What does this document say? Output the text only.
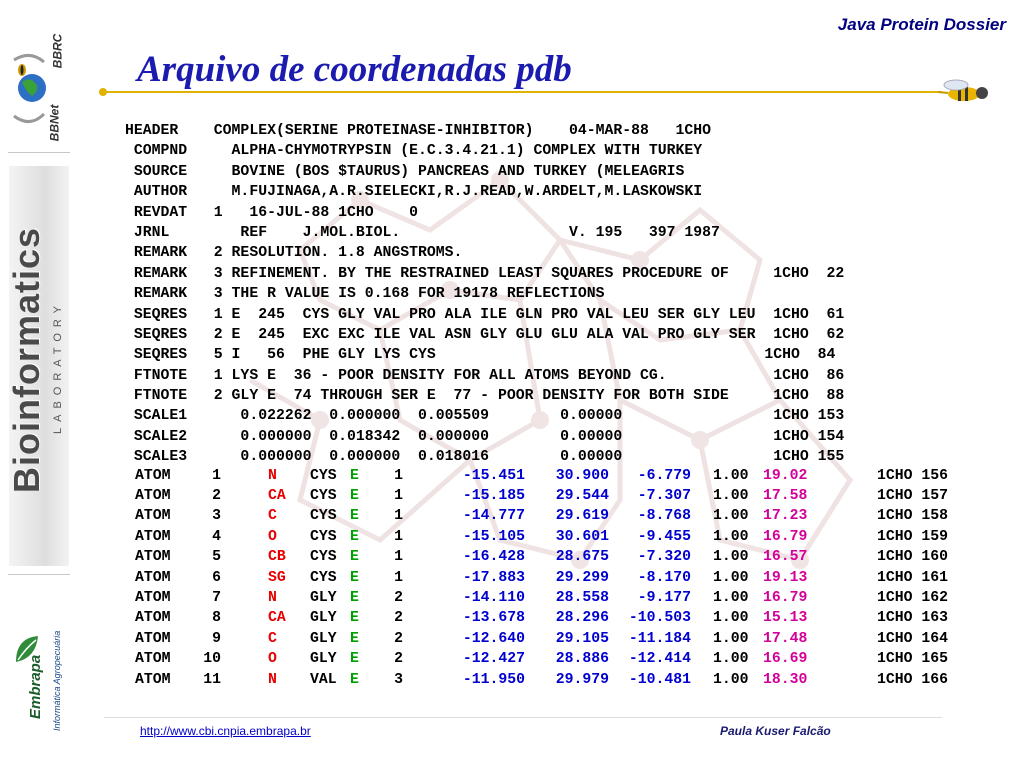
BBRC
BBNet
Bioinformatics LABORATORY
Embrapa Informática Agropecuária
Java Protein Dossier
Arquivo de coordenadas pdb
HEADER    COMPLEX(SERINE PROTEINASE-INHIBITOR)    04-MAR-88   1CHO
COMPND     ALPHA-CHYMOTRYPSIN (E.C.3.4.21.1) COMPLEX WITH TURKEY
SOURCE     BOVINE (BOS $TAURUS) PANCREAS AND TURKEY (MELEAGRIS
AUTHOR     M.FUJINAGA,A.R.SIELECKI,R.J.READ,W.ARDELT,M.LASKOWSKI
REVDAT   1   16-JUL-88 1CHO    0
JRNL        REF    J.MOL.BIOL.                   V. 195   397 1987
REMARK   2 RESOLUTION. 1.8 ANGSTROMS.
REMARK   3 REFINEMENT. BY THE RESTRAINED LEAST SQUARES PROCEDURE OF     1CHO  22
REMARK   3 THE R VALUE IS 0.168 FOR 19178 REFLECTIONS
SEQRES   1 E  245  CYS GLY VAL PRO ALA ILE GLN PRO VAL LEU SER GLY LEU  1CHO  61
SEQRES   2 E  245  EXC EXC ILE VAL ASN GLY GLU GLU ALA VAL PRO GLY SER  1CHO  62
SEQRES   5 I   56  PHE GLY LYS CYS                                     1CHO  84
FTNOTE   1 LYS E  36 - POOR DENSITY FOR ALL ATOMS BEYOND CG.            1CHO  86
FTNOTE   2 GLY E  74 THROUGH SER E  77 - POOR DENSITY FOR BOTH SIDE     1CHO  88
SCALE1      0.022262  0.000000  0.005509        0.00000                 1CHO 153
SCALE2      0.000000  0.018342  0.000000        0.00000                 1CHO 154
SCALE3      0.000000  0.000000  0.018016        0.00000                 1CHO 155
ATOM	1	N CYS E 1	-15.451 30.900 -6.779 1.00 19.02	1CHO 156
ATOM	2	CA CYS E 1	-15.185 29.544 -7.307 1.00 17.58	1CHO 157
ATOM	3	C CYS E 1	-14.777 29.619 -8.768 1.00 17.23	1CHO 158
ATOM	4	O CYS E 1	-15.105 30.601 -9.455 1.00 16.79	1CHO 159
ATOM	5	CB CYS E 1	-16.428 28.675 -7.320 1.00 16.57	1CHO 160
ATOM	6	SG CYS E 1	-17.883 29.299 -8.170 1.00 19.13	1CHO 161
ATOM	7	N GLY E 2	-14.110 28.558 -9.177 1.00 16.79	1CHO 162
ATOM	8	CA GLY E 2	-13.678 28.296 -10.503 1.00 15.13	1CHO 163
ATOM	9	C GLY E 2	-12.640 29.105 -11.184 1.00 17.48	1CHO 164
ATOM 10	O GLY E 2	-12.427 28.886 -12.414 1.00 16.69	1CHO 165
ATOM 11	N VAL E 3	-11.950 29.979 -10.481 1.00 18.30	1CHO 166
http://www.cbi.cnpia.embrapa.br	Paula Kuser Falcão
